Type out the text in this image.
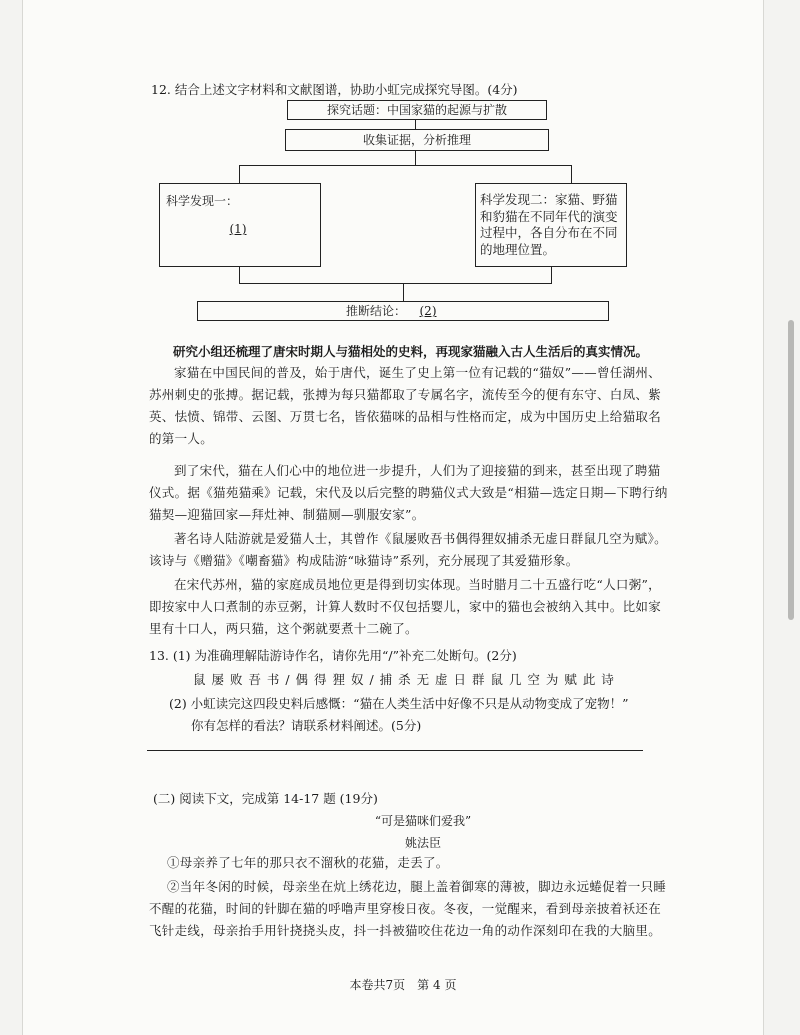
12. 结合上述文字材料和文献图谱，协助小虹完成探究导图。(4分)
探究话题：中国家猫的起源与扩散
收集证据，分析推理
科学发现一：
(1)
科学发现二：家猫、野猫和豹猫在不同年代的演变过程中，各自分布在不同的地理位置。
推断结论：	(2)
研究小组还梳理了唐宋时期人与猫相处的史料，再现家猫融入古人生活后的真实情况。
家猫在中国民间的普及，始于唐代，诞生了史上第一位有记载的“猫奴”——曾任湖州、苏州刺史的张搏。据记载，张搏为每只猫都取了专属名字，流传至今的便有东守、白凤、紫英、怯愤、锦带、云图、万贯七名，皆依猫咪的品相与性格而定，成为中国历史上给猫取名的第一人。
到了宋代，猫在人们心中的地位进一步提升，人们为了迎接猫的到来，甚至出现了聘猫仪式。据《猫苑猫乘》记载，宋代及以后完整的聘猫仪式大致是“相猫—选定日期—下聘行纳猫契—迎猫回家—拜灶神、制猫厕—驯服安家”。
著名诗人陆游就是爱猫人士，其曾作《鼠屡败吾书偶得狸奴捕杀无虚日群鼠几空为赋》。该诗与《赠猫》《嘲畜猫》构成陆游“咏猫诗”系列，充分展现了其爱猫形象。
在宋代苏州，猫的家庭成员地位更是得到切实体现。当时腊月二十五盛行吃“人口粥”，即按家中人口煮制的赤豆粥，计算人数时不仅包括婴儿，家中的猫也会被纳入其中。比如家里有十口人，两只猫，这个粥就要煮十二碗了。
13. (1) 为准确理解陆游诗作名，请你先用“/”补充二处断句。(2分)
鼠 屡 败 吾 书 / 偶 得 狸 奴 / 捕 杀 无 虚 日 群 鼠 几 空 为 赋 此 诗
(2) 小虹读完这四段史料后感慨：“猫在人类生活中好像不只是从动物变成了宠物！”
你有怎样的看法？请联系材料阐述。(5分)
(二) 阅读下文，完成第 14-17 题 (19分)
“可是猫咪们爱我”
姚法臣
①母亲养了七年的那只衣不溜秋的花猫，走丢了。
②当年冬闲的时候，母亲坐在炕上绣花边，腿上盖着御寒的薄被，脚边永远蜷促着一只睡不醒的花猫，时间的针脚在猫的呼噜声里穿梭日夜。冬夜，一觉醒来，看到母亲披着袄还在飞针走线，母亲抬手用针挠挠头皮，抖一抖被猫咬住花边一角的动作深刻印在我的大脑里。
本卷共7页　第 4 页
